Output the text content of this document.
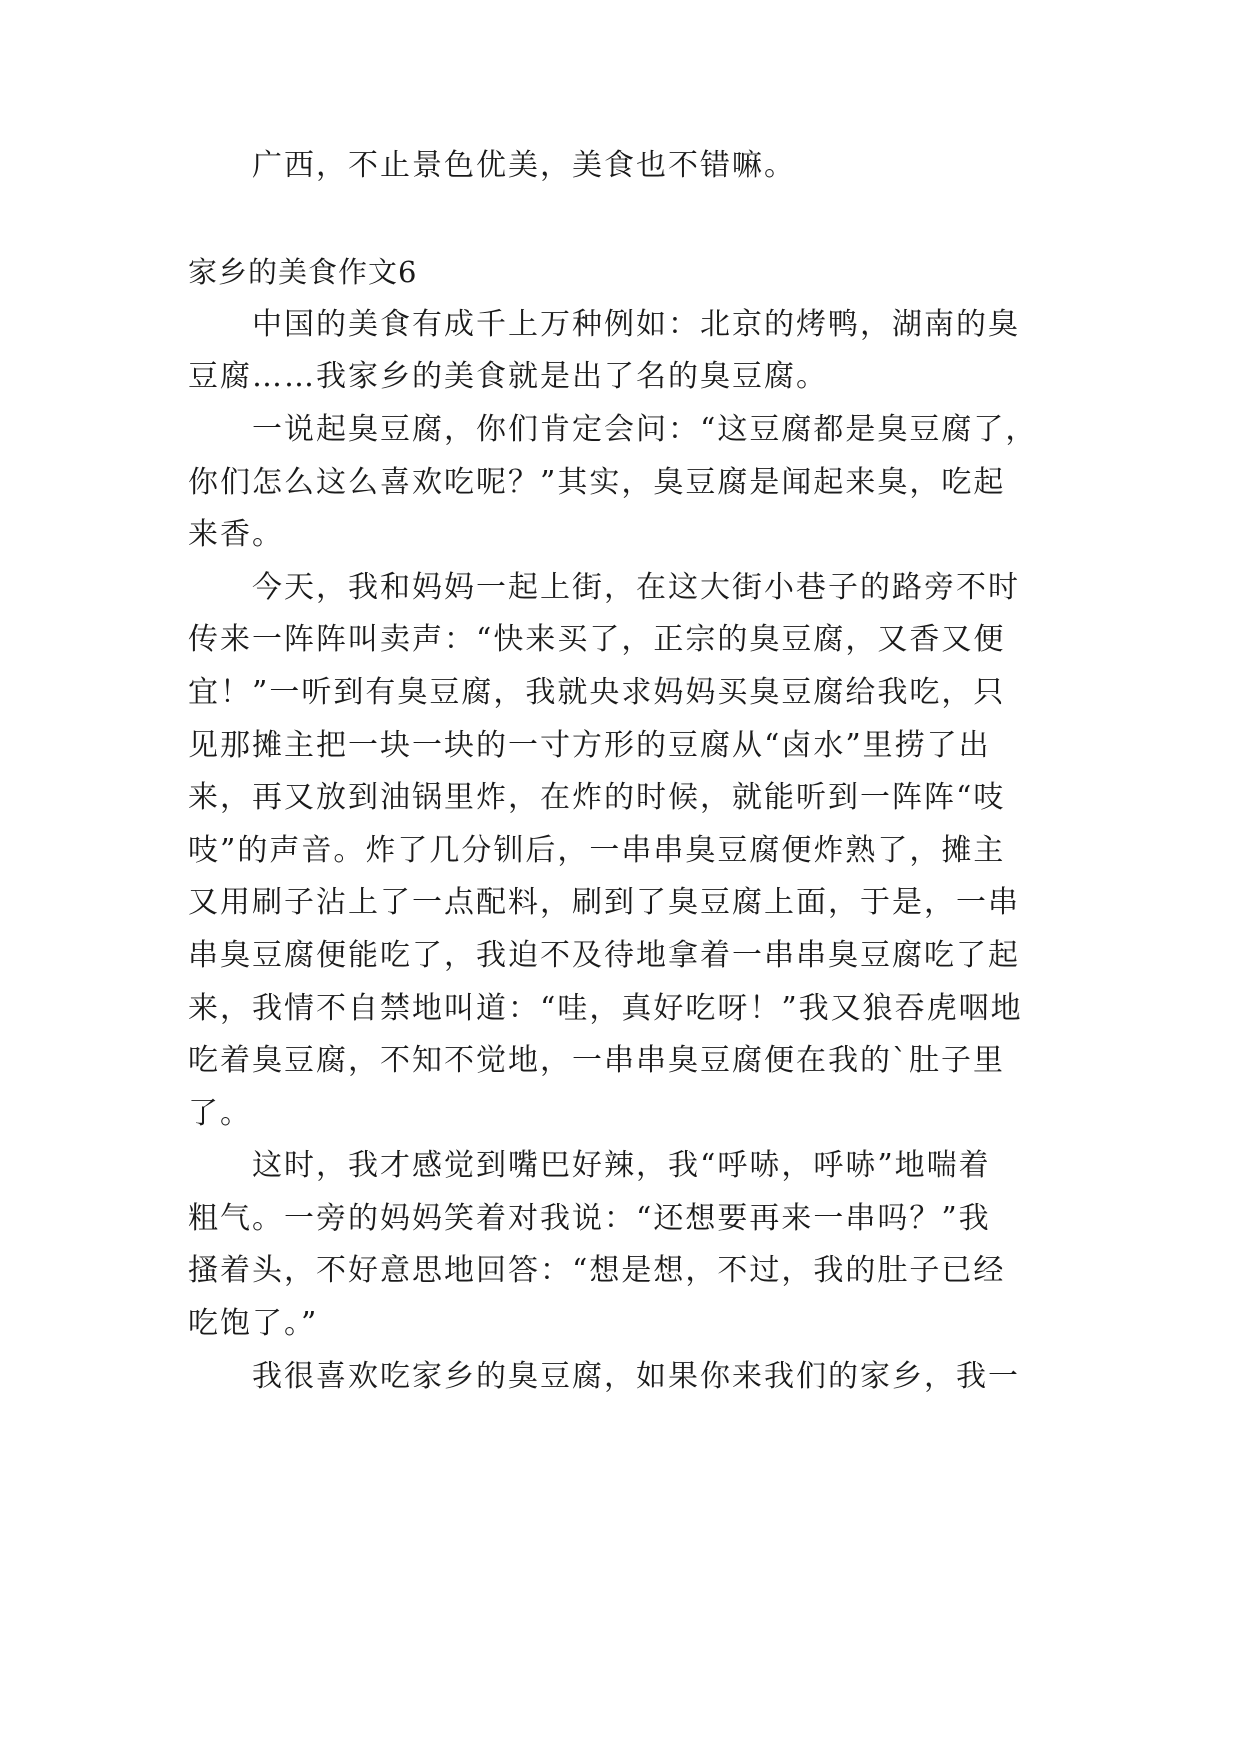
广西，不止景色优美，美食也不错嘛。
家乡的美食作文6
中国的美食有成千上万种例如：北京的烤鸭，湖南的臭
豆腐……我家乡的美食就是出了名的臭豆腐。
一说起臭豆腐，你们肯定会问：“这豆腐都是臭豆腐了，
你们怎么这么喜欢吃呢？”其实，臭豆腐是闻起来臭，吃起
来香。
今天，我和妈妈一起上街，在这大街小巷子的路旁不时
传来一阵阵叫卖声：“快来买了，正宗的臭豆腐，又香又便
宜！”一听到有臭豆腐，我就央求妈妈买臭豆腐给我吃，只
见那摊主把一块一块的一寸方形的豆腐从“卤水”里捞了出
来，再又放到油锅里炸，在炸的时候，就能听到一阵阵“吱
吱”的声音。炸了几分钏后，一串串臭豆腐便炸熟了，摊主
又用刷子沾上了一点配料，刷到了臭豆腐上面，于是，一串
串臭豆腐便能吃了，我迫不及待地拿着一串串臭豆腐吃了起
来，我情不自禁地叫道：“哇，真好吃呀！”我又狼吞虎咽地
吃着臭豆腐，不知不觉地，一串串臭豆腐便在我的`肚子里
了。
这时，我才感觉到嘴巴好辣，我“呼哧，呼哧”地喘着
粗气。一旁的妈妈笑着对我说：“还想要再来一串吗？”我
搔着头，不好意思地回答：“想是想，不过，我的肚子已经
吃饱了。”
我很喜欢吃家乡的臭豆腐，如果你来我们的家乡，我一
